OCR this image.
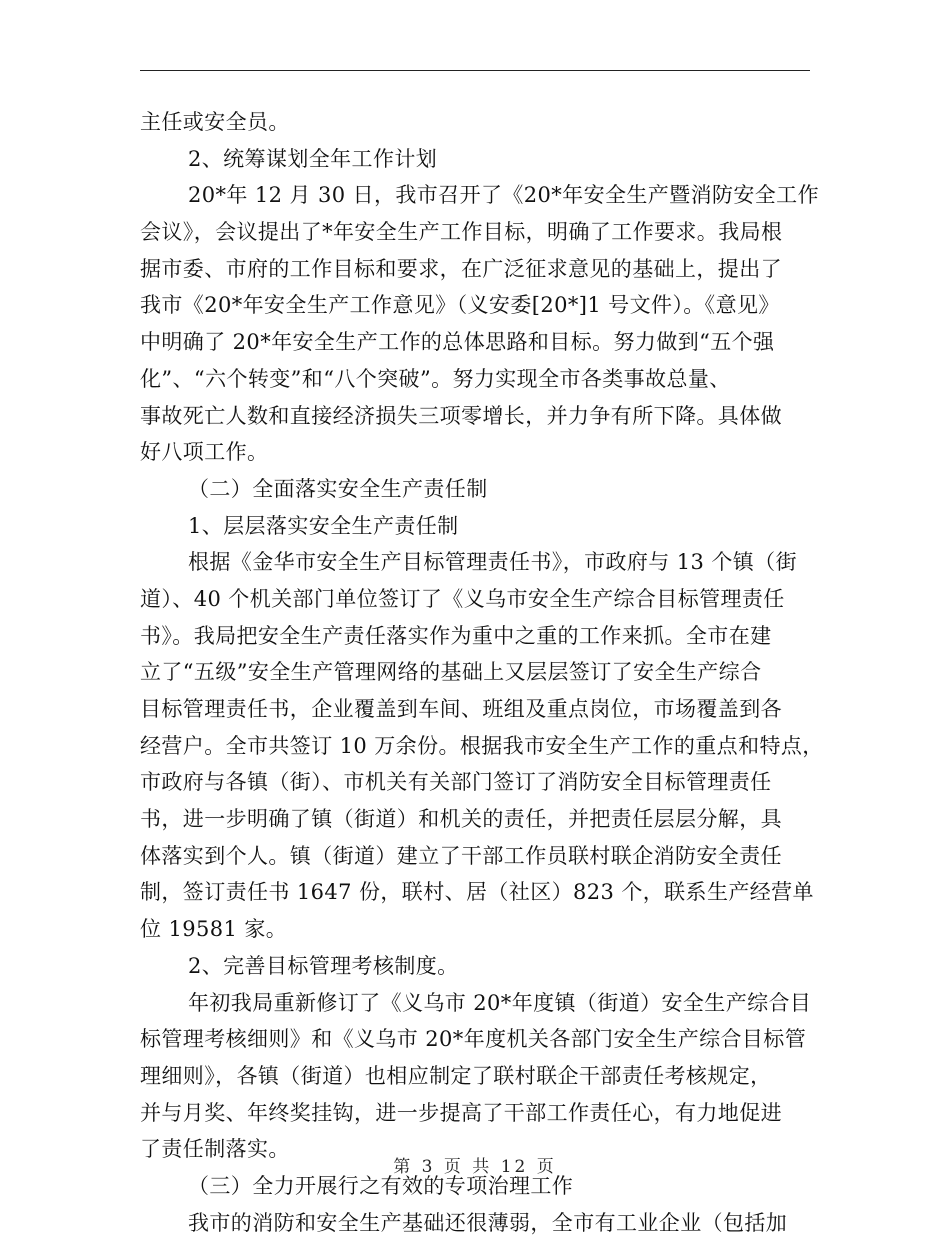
主任或安全员。
2、统筹谋划全年工作计划
20*年 12 月 30 日，我市召开了《20*年安全生产暨消防安全工作
会议》，会议提出了*年安全生产工作目标，明确了工作要求。我局根
据市委、市府的工作目标和要求，在广泛征求意见的基础上，提出了
我市《20*年安全生产工作意见》（义安委[20*]1 号文件）。《意见》
中明确了 20*年安全生产工作的总体思路和目标。努力做到“五个强
化”、“六个转变”和“八个突破”。努力实现全市各类事故总量、
事故死亡人数和直接经济损失三项零增长，并力争有所下降。具体做
好八项工作。
（二）全面落实安全生产责任制
1、层层落实安全生产责任制
根据《金华市安全生产目标管理责任书》，市政府与 13 个镇（街
道）、40 个机关部门单位签订了《义乌市安全生产综合目标管理责任
书》。我局把安全生产责任落实作为重中之重的工作来抓。全市在建
立了“五级”安全生产管理网络的基础上又层层签订了安全生产综合
目标管理责任书，企业覆盖到车间、班组及重点岗位，市场覆盖到各
经营户。全市共签订 10 万余份。根据我市安全生产工作的重点和特点，
市政府与各镇（街）、市机关有关部门签订了消防安全目标管理责任
书，进一步明确了镇（街道）和机关的责任，并把责任层层分解，具
体落实到个人。镇（街道）建立了干部工作员联村联企消防安全责任
制，签订责任书 1647 份，联村、居（社区）823 个，联系生产经营单
位 19581 家。
2、完善目标管理考核制度。
年初我局重新修订了《义乌市 20*年度镇（街道）安全生产综合目
标管理考核细则》和《义乌市 20*年度机关各部门安全生产综合目标管
理细则》，各镇（街道）也相应制定了联村联企干部责任考核规定，
并与月奖、年终奖挂钩，进一步提高了干部工作责任心，有力地促进
了责任制落实。
（三）全力开展行之有效的专项治理工作
我市的消防和安全生产基础还很薄弱，全市有工业企业（包括加
第 3 页 共 12 页
